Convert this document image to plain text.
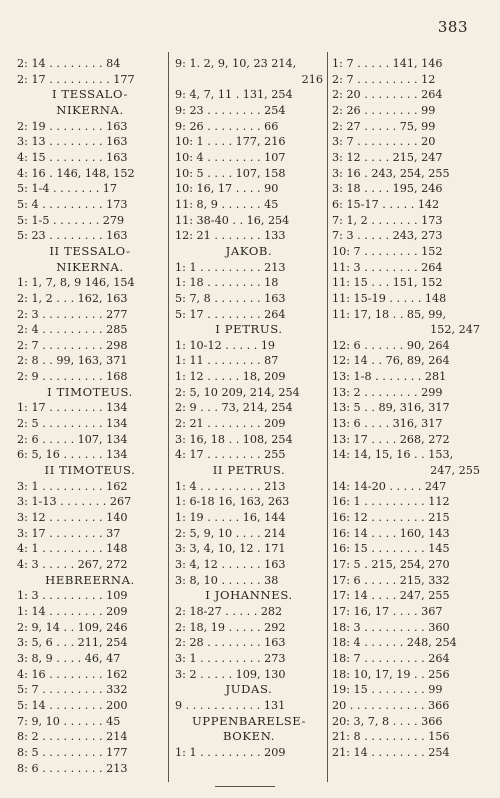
383
2: 14 . . . . . . . . 84
2: 17 . . . . . . . . . 177
I TESSALO-
NIKERNA.
2: 19 . . . . . . . . 163
3: 13 . . . . . . . . 163
4: 15 . . . . . . . . 163
4: 16 . 146, 148, 152
5: 1-4 . . . . . . . 17
5: 4 . . . . . . . . . 173
5: 1-5 . . . . . . . 279
5: 23 . . . . . . . . 163
II TESSALO-
NIKERNA.
1: 1, 7, 8, 9 146, 154
2: 1, 2 . . . 162, 163
2: 3 . . . . . . . . . 277
2: 4 . . . . . . . . . 285
2: 7 . . . . . . . . . 298
2: 8 . . 99, 163, 371
2: 9 . . . . . . . . . 168
I TIMOTEUS.
1: 17 . . . . . . . . 134
2: 5 . . . . . . . . . 134
2: 6 . . . . . 107, 134
6: 5, 16 . . . . . . 134
II TIMOTEUS.
3: 1 . . . . . . . . . 162
3: 1-13 . . . . . . . 267
3: 12 . . . . . . . . 140
3: 17 . . . . . . . . 37
4: 1 . . . . . . . . . 148
4: 3 . . . . . 267, 272
HEBREERNA.
1: 3 . . . . . . . . . 109
1: 14 . . . . . . . . 209
2: 9, 14 . . 109, 246
3: 5, 6 . . . 211, 254
3: 8, 9 . . . . 46, 47
4: 16 . . . . . . . . 162
5: 7 . . . . . . . . . 332
5: 14 . . . . . . . . 200
7: 9, 10 . . . . . . 45
8: 2 . . . . . . . . . 214
8: 5 . . . . . . . . . 177
8: 6 . . . . . . . . . 213
9: 1. 2, 9, 10, 23 214,
216
9: 4, 7, 11 . 131, 254
9: 23 . . . . . . . . 254
9: 26 . . . . . . . . 66
10: 1 . . . . 177, 216
10: 4 . . . . . . . . 107
10: 5 . . . . 107, 158
10: 16, 17 . . . . 90
11: 8, 9 . . . . . . 45
11: 38-40 . . 16, 254
12: 21 . . . . . . . 133
JAKOB.
1: 1 . . . . . . . . . 213
1: 18 . . . . . . . . 18
5: 7, 8 . . . . . . . 163
5: 17 . . . . . . . . 264
I PETRUS.
1: 10-12 . . . . . 19
1: 11 . . . . . . . . 87
1: 12 . . . . . 18, 209
2: 5, 10 209, 214, 254
2: 9 . . . 73, 214, 254
2: 21 . . . . . . . . 209
3: 16, 18 . . 108, 254
4: 17 . . . . . . . . 255
II PETRUS.
1: 4 . . . . . . . . . 213
1: 6-18 16, 163, 263
1: 19 . . . . . 16, 144
2: 5, 9, 10 . . . . 214
3: 3, 4, 10, 12 . 171
3: 4, 12 . . . . . . 163
3: 8, 10 . . . . . . 38
I JOHANNES.
2: 18-27 . . . . . 282
2: 18, 19 . . . . . 292
2: 28 . . . . . . . . 163
3: 1 . . . . . . . . . 273
3: 2 . . . . . 109, 130
JUDAS.
9 . . . . . . . . . . . 131
UPPENBARELSE-
BOKEN.
1: 1 . . . . . . . . . 209
1: 7 . . . . . 141, 146
2: 7 . . . . . . . . . 12
2: 20 . . . . . . . . 264
2: 26 . . . . . . . . 99
2: 27 . . . . . 75, 99
3: 7 . . . . . . . . . 20
3: 12 . . . . 215, 247
3: 16 . 243, 254, 255
3: 18 . . . . 195, 246
6: 15-17 . . . . . 142
7: 1, 2 . . . . . . . 173
7: 3 . . . . . 243, 273
10: 7 . . . . . . . . 152
11: 3 . . . . . . . . 264
11: 15 . . . 151, 152
11: 15-19 . . . . . 148
11: 17, 18 . . 85, 99,
152, 247
12: 6 . . . . . . 90, 264
12: 14 . . 76, 89, 264
13: 1-8 . . . . . . . 281
13: 2 . . . . . . . . 299
13: 5 . . 89, 316, 317
13: 6 . . . . 316, 317
13: 17 . . . . 268, 272
14: 14, 15, 16 . . 153,
247, 255
14: 14-20 . . . . . 247
16: 1 . . . . . . . . . 112
16: 12 . . . . . . . . 215
16: 14 . . . . 160, 143
16: 15 . . . . . . . . 145
17: 5 . 215, 254, 270
17: 6 . . . . . 215, 332
17: 14 . . . . 247, 255
17: 16, 17 . . . . 367
18: 3 . . . . . . . . . 360
18: 4 . . . . . . 248, 254
18: 7 . . . . . . . . . 264
18: 10, 17, 19 . . 256
19: 15 . . . . . . . . 99
20 . . . . . . . . . . . 366
20: 3, 7, 8 . . . . 366
21: 8 . . . . . . . . . 156
21: 14 . . . . . . . . 254
